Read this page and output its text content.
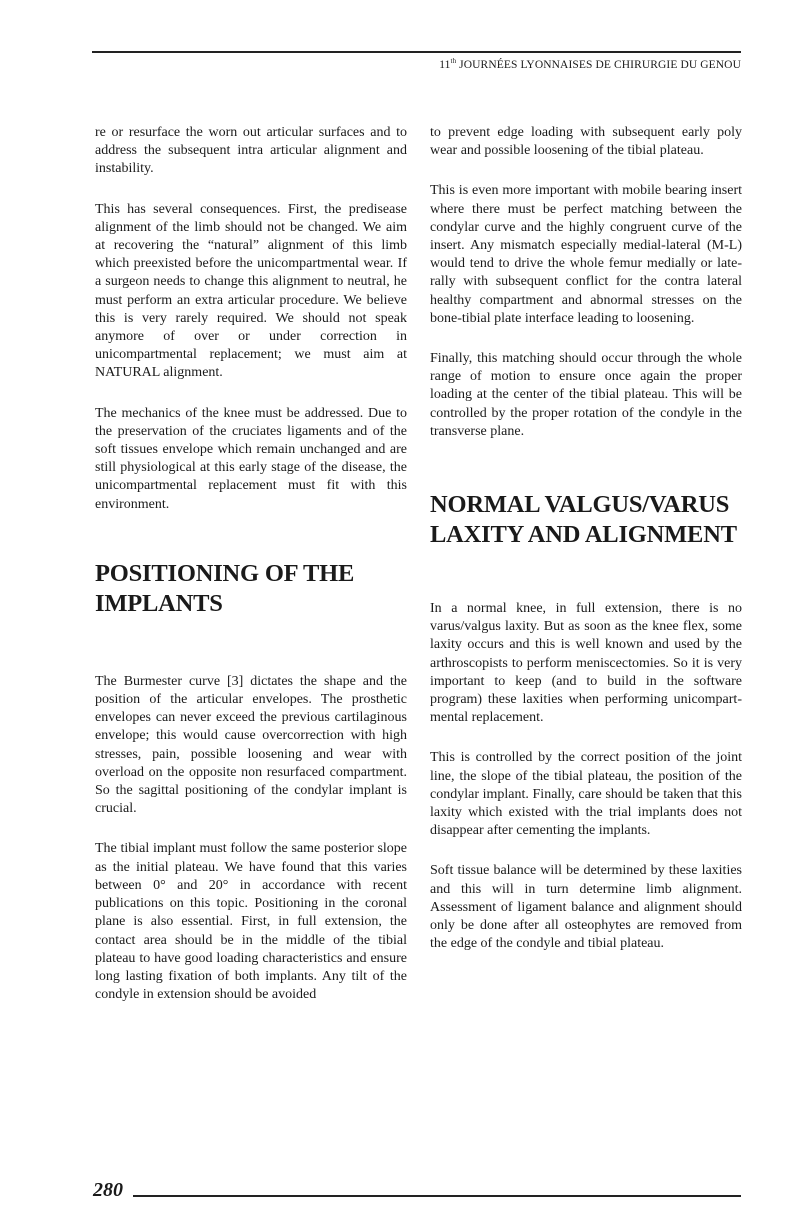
11th JOURNÉES LYONNAISES DE CHIRURGIE DU GENOU

re or resurface the worn out articular surfaces and to address the subsequent intra articular alignment and instability.

This has several consequences. First, the predisease alignment of the limb should not be changed. We aim at recovering the “natural” alignment of this limb which preexisted before the unicompartmental wear. If a surgeon needs to change this alignment to neutral, he must perform an extra articular procedure. We believe this is very rarely required. We should not speak anymore of over or under correction in unicompartmental replacement; we must aim at NATURAL alignment.

The mechanics of the knee must be addressed. Due to the preservation of the cruciates ligaments and of the soft tissues envelope which remain unchanged and are still physiological at this early stage of the disease, the unicompartmental replacement must fit with this environment.

POSITIONING OF THE IMPLANTS

The Burmester curve [3] dictates the shape and the position of the articular envelopes. The prosthetic envelopes can never exceed the previous cartilaginous envelope; this would cause overcorrection with high stresses, pain, possible loosening and wear with overload on the opposite non resurfaced compartment. So the sagittal positioning of the condylar implant is crucial.

The tibial implant must follow the same posterior slope as the initial plateau. We have found that this varies between 0° and 20° in accordance with recent publications on this topic. Positioning in the coronal plane is also essential. First, in full extension, the contact area should be in the middle of the tibial plateau to have good loading characteristics and ensure long lasting fixation of both implants. Any tilt of the condyle in extension should be avoided

to prevent edge loading with subsequent early poly wear and possible loosening of the tibial plateau.

This is even more important with mobile bearing insert where there must be perfect matching between the condylar curve and the highly congruent curve of the insert. Any mismatch especially medial-lateral (M-L) would tend to drive the whole femur medially or laterally with subsequent conflict for the contra lateral healthy compartment and abnormal stresses on the bone-tibial plate interface leading to loosening.

Finally, this matching should occur through the whole range of motion to ensure once again the proper loading at the center of the tibial plateau. This will be controlled by the proper rotation of the condyle in the transverse plane.

NORMAL VALGUS/VARUS LAXITY AND ALIGNMENT

In a normal knee, in full extension, there is no varus/valgus laxity. But as soon as the knee flex, some laxity occurs and this is well known and used by the arthroscopists to perform meniscectomies. So it is very important to keep (and to build in the software program) these laxities when performing unicompartmental replacement.

This is controlled by the correct position of the joint line, the slope of the tibial plateau, the position of the condylar implant. Finally, care should be taken that this laxity which existed with the trial implants does not disappear after cementing the implants.

Soft tissue balance will be determined by these laxities and this will in turn determine limb alignment. Assessment of ligament balance and alignment should only be done after all osteophytes are removed from the edge of the condyle and tibial plateau.

280
